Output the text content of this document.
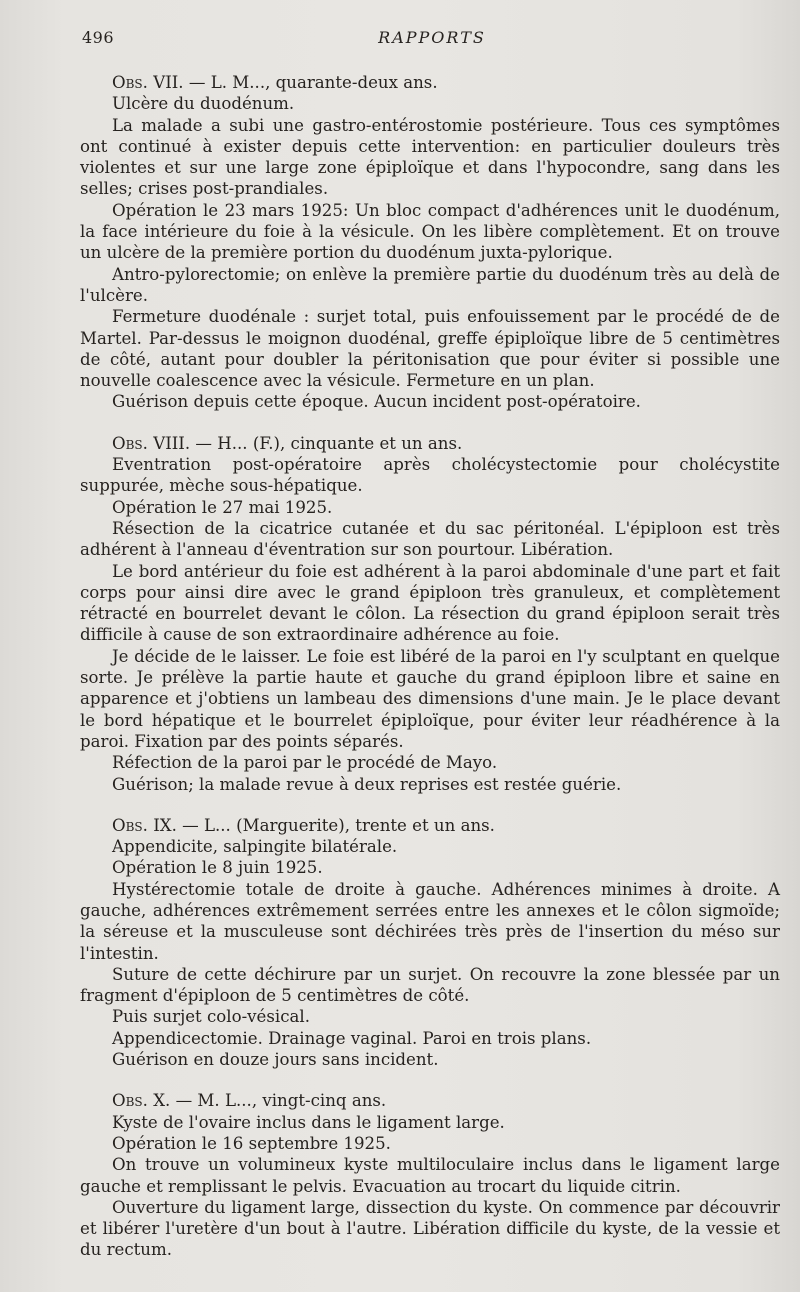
496	RAPPORTS

Obs. VII. — L. M..., quarante-deux ans.

Ulcère du duodénum.

La malade a subi une gastro-entérostomie postérieure. Tous ces symptômes ont continué à exister depuis cette intervention: en particulier douleurs très violentes et sur une large zone épiploïque et dans l'hypocondre, sang dans les selles; crises post-prandiales.

Opération le 23 mars 1925: Un bloc compact d'adhérences unit le duodénum, la face intérieure du foie à la vésicule. On les libère complètement. Et on trouve un ulcère de la première portion du duodénum juxta-pylorique.

Antro-pylorectomie; on enlève la première partie du duodénum très au delà de l'ulcère.

Fermeture duodénale : surjet total, puis enfouissement par le procédé de de Martel. Par-dessus le moignon duodénal, greffe épiploïque libre de 5 centimètres de côté, autant pour doubler la péritonisation que pour éviter si possible une nouvelle coalescence avec la vésicule. Fermeture en un plan.

Guérison depuis cette époque. Aucun incident post-opératoire.

Obs. VIII. — H... (F.), cinquante et un ans.

Eventration post-opératoire après cholécystectomie pour cholécystite suppurée, mèche sous-hépatique.

Opération le 27 mai 1925.

Résection de la cicatrice cutanée et du sac péritonéal. L'épiploon est très adhérent à l'anneau d'éventration sur son pourtour. Libération.

Le bord antérieur du foie est adhérent à la paroi abdominale d'une part et fait corps pour ainsi dire avec le grand épiploon très granuleux, et complètement rétracté en bourrelet devant le côlon. La résection du grand épiploon serait très difficile à cause de son extraordinaire adhérence au foie.

Je décide de le laisser. Le foie est libéré de la paroi en l'y sculptant en quelque sorte. Je prélève la partie haute et gauche du grand épiploon libre et saine en apparence et j'obtiens un lambeau des dimensions d'une main. Je le place devant le bord hépatique et le bourrelet épiploïque, pour éviter leur réadhérence à la paroi. Fixation par des points séparés.

Réfection de la paroi par le procédé de Mayo.

Guérison; la malade revue à deux reprises est restée guérie.

Obs. IX. — L... (Marguerite), trente et un ans.

Appendicite, salpingite bilatérale.

Opération le 8 juin 1925.

Hystérectomie totale de droite à gauche. Adhérences minimes à droite. A gauche, adhérences extrêmement serrées entre les annexes et le côlon sigmoïde; la séreuse et la musculeuse sont déchirées très près de l'insertion du méso sur l'intestin.

Suture de cette déchirure par un surjet. On recouvre la zone blessée par un fragment d'épiploon de 5 centimètres de côté.

Puis surjet colo-vésical.

Appendicectomie. Drainage vaginal. Paroi en trois plans.

Guérison en douze jours sans incident.

Obs. X. — M. L..., vingt-cinq ans.

Kyste de l'ovaire inclus dans le ligament large.

Opération le 16 septembre 1925.

On trouve un volumineux kyste multiloculaire inclus dans le ligament large gauche et remplissant le pelvis. Evacuation au trocart du liquide citrin.

Ouverture du ligament large, dissection du kyste. On commence par découvrir et libérer l'uretère d'un bout à l'autre. Libération difficile du kyste, de la vessie et du rectum.
